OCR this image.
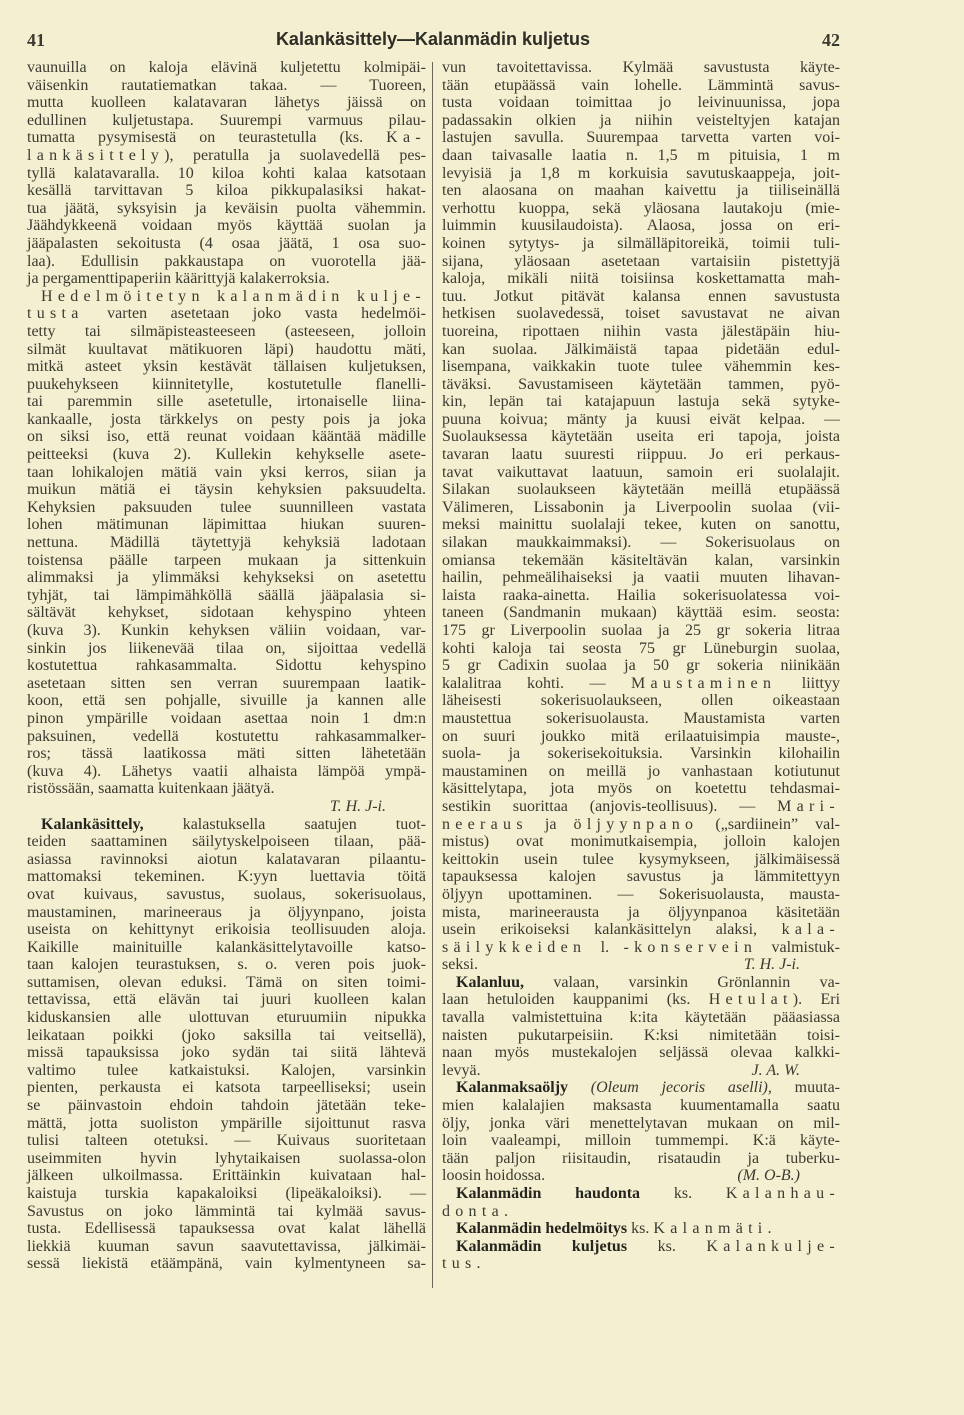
41	Kalankäsittely—Kalanmädin kuljetus	42
vaunuilla on kaloja elävinä kuljetettu kolmipäi-
väisenkin rautatiematkan takaa. — Tuoreen,
mutta kuolleen kalatavaran lähetys jäissä on
edullinen kuljetustapa. Suurempi varmuus pilau-
tumatta pysymisestä on teurastetulla (ks. Ka-
lankäsittely), peratulla ja suolavedellä pes-
tyllä kalatavaralla. 10 kiloa kohti kalaa katsotaan
kesällä tarvittavan 5 kiloa pikkupalasiksi hakat-
tua jäätä, syksyisin ja keväisin puolta vähemmin.
Jäähdykkeenä voidaan myös käyttää suolan ja
jääpalasten sekoitusta (4 osaa jäätä, 1 osa suo-
laa). Edullisin pakkaustapa on vuorotella jää-
ja pergamenttipaperiin käärittyjä kalakerroksia.
Hedelmöitetyn kalanmädin kulje-
tusta varten asetetaan joko vasta hedelmöi-
tetty tai silmäpisteasteeseen (asteeseen, jolloin
silmät kuultavat mätikuoren läpi) haudottu mäti,
mitkä asteet yksin kestävät tällaisen kuljetuksen,
puukehykseen kiinnitetylle, kostutetulle flanelli-
tai paremmin sille asetetulle, irtonaiselle liina-
kankaalle, josta tärkkelys on pesty pois ja joka
on siksi iso, että reunat voidaan kääntää mädille
peitteeksi (kuva 2). Kullekin kehykselle asete-
taan lohikalojen mätiä vain yksi kerros, siian ja
muikun mätiä ei täysin kehyksien paksuudelta.
Kehyksien paksuuden tulee suunnilleen vastata
lohen mätimunan läpimittaa hiukan suuren-
nettuna. Mädillä täytettyjä kehyksiä ladotaan
toistensa päälle tarpeen mukaan ja sittenkuin
alimmaksi ja ylimmäksi kehykseksi on asetettu
tyhjät, tai lämpimähköllä säällä jääpalasia si-
sältävät kehykset, sidotaan kehyspino yhteen
(kuva 3). Kunkin kehyksen väliin voidaan, var-
sinkin jos liikenevää tilaa on, sijoittaa vedellä
kostutettua rahkasammalta. Sidottu kehyspino
asetetaan sitten sen verran suurempaan laatik-
koon, että sen pohjalle, sivuille ja kannen alle
pinon ympärille voidaan asettaa noin 1 dm:n
paksuinen, vedellä kostutettu rahkasammalker-
ros; tässä laatikossa mäti sitten lähetetään
(kuva 4). Lähetys vaatii alhaista lämpöä ympä-
ristössään, saamatta kuitenkaan jäätyä.
T. H. J-i.
Kalankäsittely, kalastuksella saatujen tuot-
teiden saattaminen säilytyskelpoiseen tilaan, pää-
asiassa ravinnoksi aiotun kalatavaran pilaantu-
mattomaksi tekeminen. K:yyn luettavia töitä
ovat kuivaus, savustus, suolaus, sokerisuolaus,
maustaminen, marineeraus ja öljyynpano, joista
useista on kehittynyt erikoisia teollisuuden aloja.
Kaikille mainituille kalankäsittelytavoille katso-
taan kalojen teurastuksen, s. o. veren pois juok-
suttamisen, olevan eduksi. Tämä on siten toimi-
tettavissa, että elävän tai juuri kuolleen kalan
kiduskansien alle ulottuvan eturuumiin nipukka
leikataan poikki (joko saksilla tai veitsellä),
missä tapauksissa joko sydän tai siitä lähtevä
valtimo tulee katkaistuksi. Kalojen, varsinkin
pienten, perkausta ei katsota tarpeelliseksi; usein
se päinvastoin ehdoin tahdoin jätetään teke-
mättä, jotta suoliston ympärille sijoittunut rasva
tulisi talteen otetuksi. — Kuivaus suoritetaan
useimmiten hyvin lyhytaikaisen suolassa-olon
jälkeen ulkoilmassa. Erittäinkin kuivataan hal-
kaistuja turskia kapakaloiksi (lipeäkaloiksi). —
Savustus on joko lämmintä tai kylmää savus-
tusta. Edellisessä tapauksessa ovat kalat lähellä
liekkiä kuuman savun saavutettavissa, jälkimäi-
sessä liekistä etäämpänä, vain kylmentyneen sa-
vun tavoitettavissa. Kylmää savustusta käyte-
tään etupäässä vain lohelle. Lämmintä savus-
tusta voidaan toimittaa jo leivinuunissa, jopa
padassakin olkien ja niihin veisteltyjen katajan
lastujen savulla. Suurempaa tarvetta varten voi-
daan taivasalle laatia n. 1,5 m pituisia, 1 m
levyisiä ja 1,8 m korkuisia savutuskaappeja, joit-
ten alaosana on maahan kaivettu ja tiiliseinällä
verhottu kuoppa, sekä yläosana lautakoju (mie-
luimmin kuusilaudoista). Alaosa, jossa on eri-
koinen sytytys- ja silmälläpitoreikä, toimii tuli-
sijana, yläosaan asetetaan vartaisiin pistettyjä
kaloja, mikäli niitä toisiinsa koskettamatta mah-
tuu. Jotkut pitävät kalansa ennen savustusta
hetkisen suolavedessä, toiset savustavat ne aivan
tuoreina, ripottaen niihin vasta jälestäpäin hiu-
kan suolaa. Jälkimäistä tapaa pidetään edul-
lisempana, vaikkakin tuote tulee vähemmin kes-
täväksi. Savustamiseen käytetään tammen, pyö-
kin, lepän tai katajapuun lastuja sekä sytyke-
puuna koivua; mänty ja kuusi eivät kelpaa. —
Suolauksessa käytetään useita eri tapoja, joista
tavaran laatu suuresti riippuu. Jo eri perkaus-
tavat vaikuttavat laatuun, samoin eri suolalajit.
Silakan suolaukseen käytetään meillä etupäässä
Välimeren, Lissabonin ja Liverpoolin suolaa (vii-
meksi mainittu suolalaji tekee, kuten on sanottu,
silakan maukkaimmaksi). — Sokerisuolaus on
omiansa tekemään käsiteltävän kalan, varsinkin
hailin, pehmeälihaiseksi ja vaatii muuten lihavan-
laista raaka-ainetta. Hailia sokerisuolatessa voi-
taneen (Sandmanin mukaan) käyttää esim. seosta:
175 gr Liverpoolin suolaa ja 25 gr sokeria litraa
kohti kaloja tai seosta 75 gr Lüneburgin suolaa,
5 gr Cadixin suolaa ja 50 gr sokeria niinikään
kalalitraa kohti. — Maustaminen liittyy
läheisesti sokerisuolaukseen, ollen oikeastaan
maustettua sokerisuolausta. Maustamista varten
on suuri joukko mitä erilaatuisimpia mauste-,
suola- ja sokerisekoituksia. Varsinkin kilohailin
maustaminen on meillä jo vanhastaan kotiutunut
käsittelytapa, jota myös on koetettu tehdasmai-
sestikin suorittaa (anjovis-teollisuus). — Mari-
neeraus ja öljyynpano („sardiinein” val-
mistus) ovat monimutkaisempia, jolloin kalojen
keittokin usein tulee kysymykseen, jälkimäisessä
tapauksessa kalojen savustus ja lämmitettyyn
öljyyn upottaminen. — Sokerisuolausta, mausta-
mista, marineerausta ja öljyynpanoa käsitetään
usein erikoiseksi kalankäsittelyn alaksi, kala-
säilykkeiden l. -konservein valmistuk-
seksi.	T. H. J-i.
Kalanluu, valaan, varsinkin Grönlannin va-
laan hetuloiden kauppanimi (ks. Hetulat). Eri
tavalla valmistettuina k:ita käytetään pääasiassa
naisten pukutarpeisiin. K:ksi nimitetään toisi-
naan myös mustekalojen seljässä olevaa kalkki-
levyä.	J. A. W.
Kalanmaksaöljy (Oleum jecoris aselli), muuta-
mien kalalajien maksasta kuumentamalla saatu
öljy, jonka väri menettelytavan mukaan on mil-
loin vaaleampi, milloin tummempi. K:ä käyte-
tään paljon riisitaudin, risataudin ja tuberku-
loosin hoidossa.	(M. O-B.)
Kalanmädin haudonta ks. Kalanhau-
donta.
Kalanmädin hedelmöitys ks. Kalanmäti.
Kalanmädin kuljetus ks. Kalankulje-
tus.
